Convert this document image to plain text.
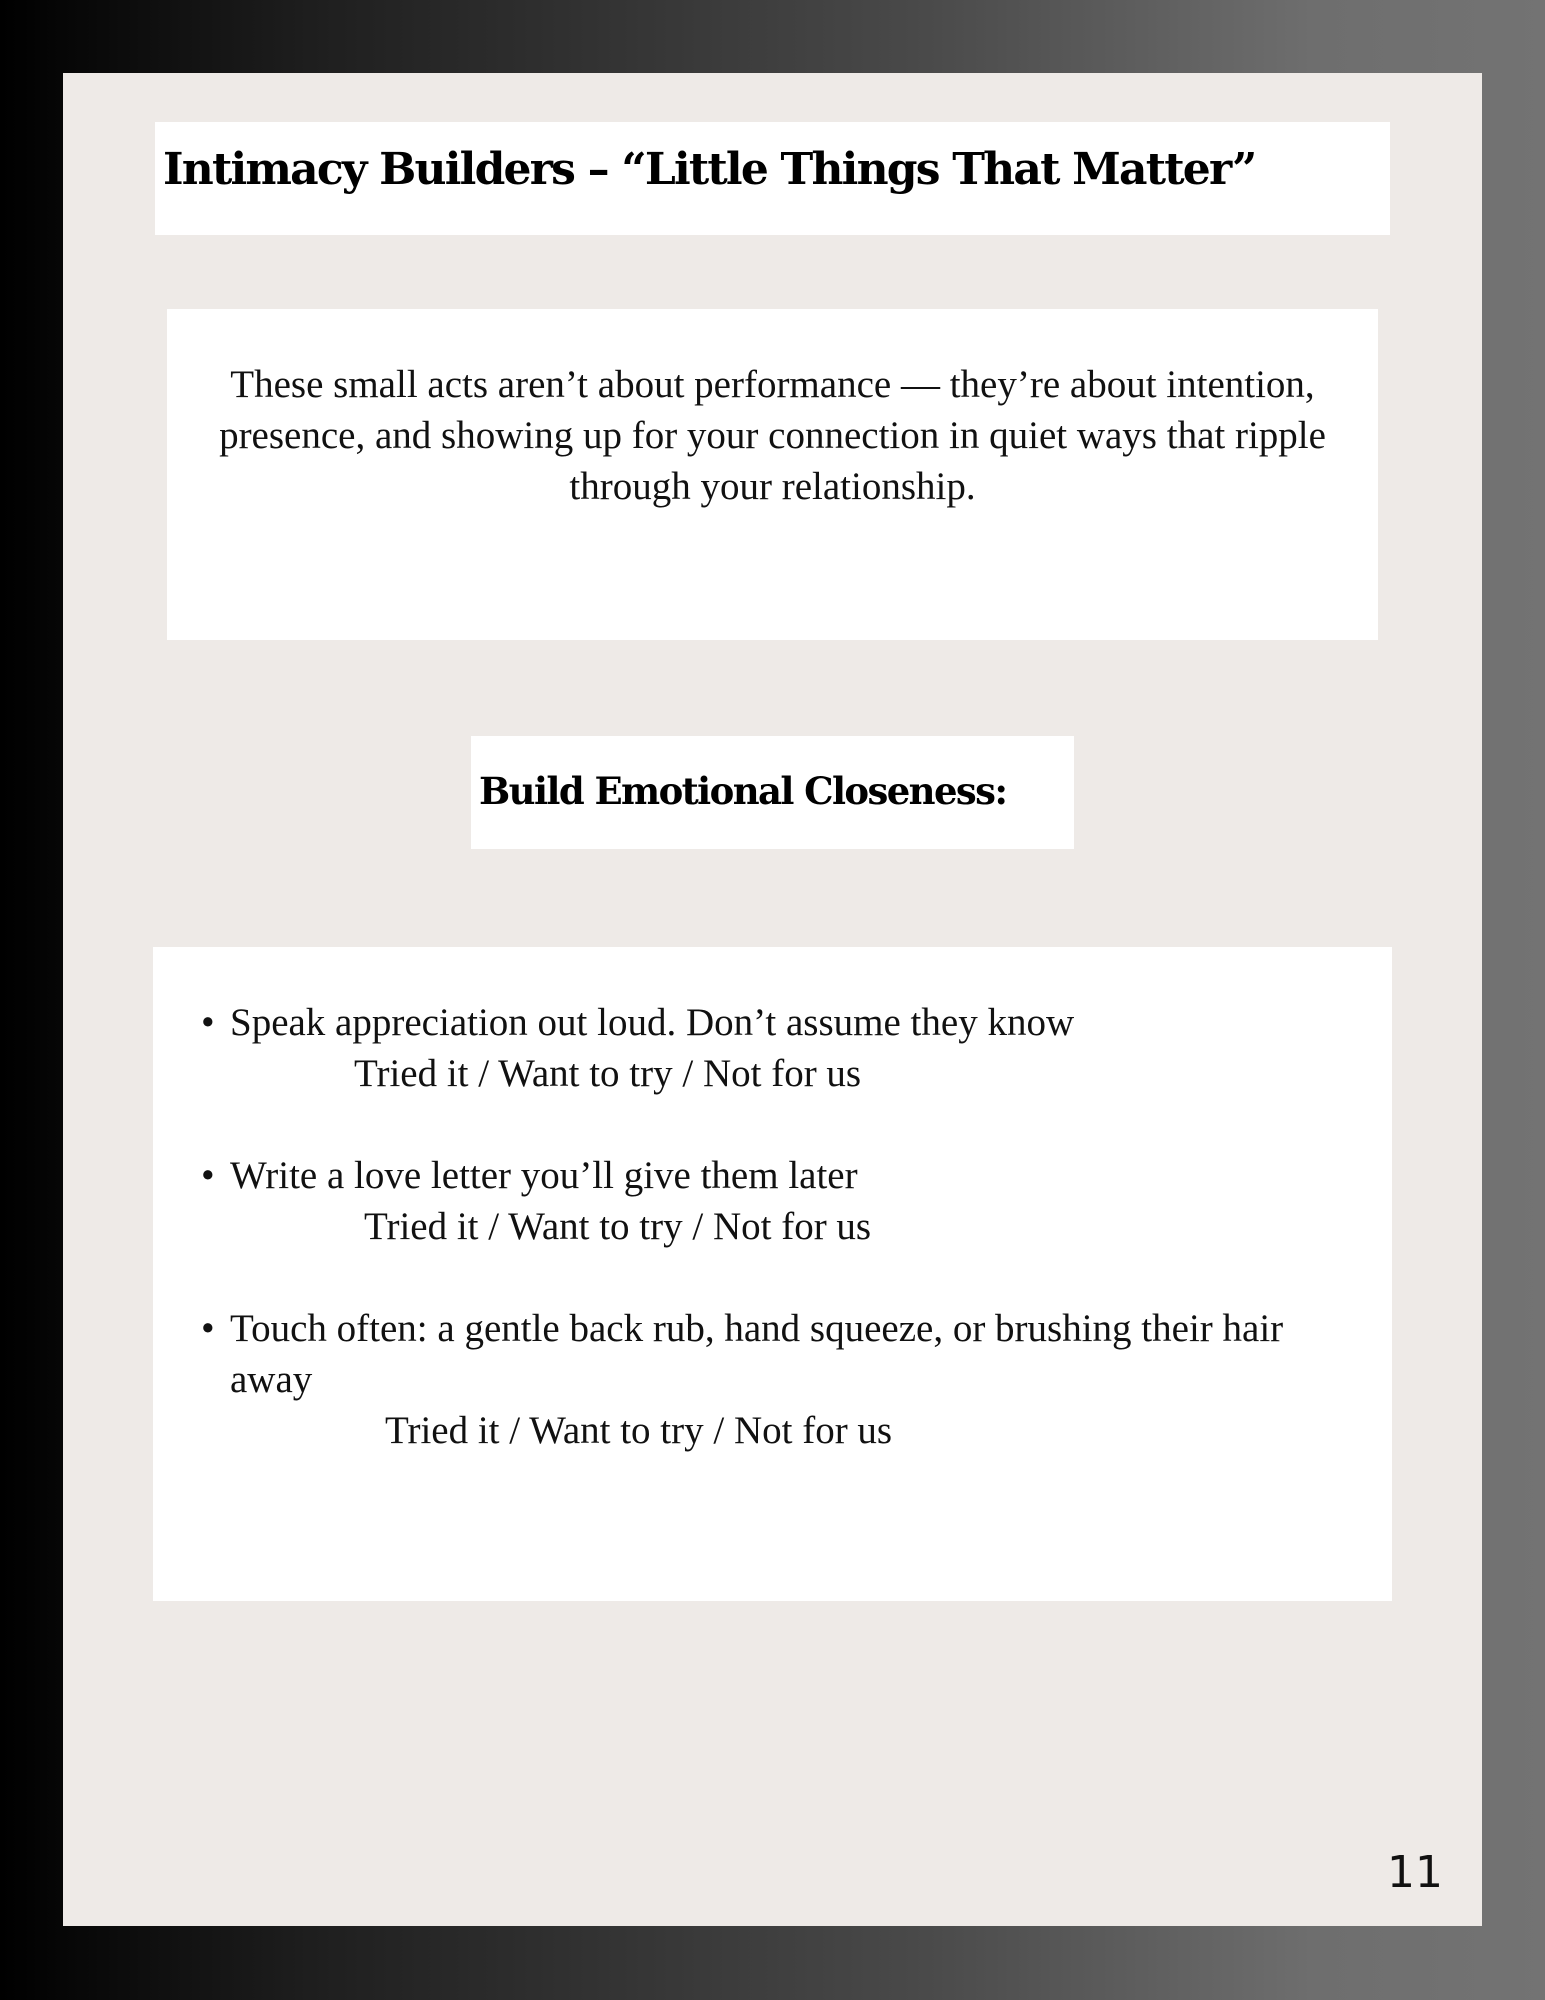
Intimacy Builders – “Little Things That Matter”

These small acts aren’t about performance — they’re about intention, presence, and showing up for your connection in quiet ways that ripple through your relationship.

Build Emotional Closeness:
• Speak appreciation out loud. Don’t assume they know
Tried it / Want to try / Not for us
• Write a love letter you’ll give them later
Tried it / Want to try / Not for us
• Touch often: a gentle back rub, hand squeeze, or brushing their hair away
Tried it / Want to try / Not for us

11
